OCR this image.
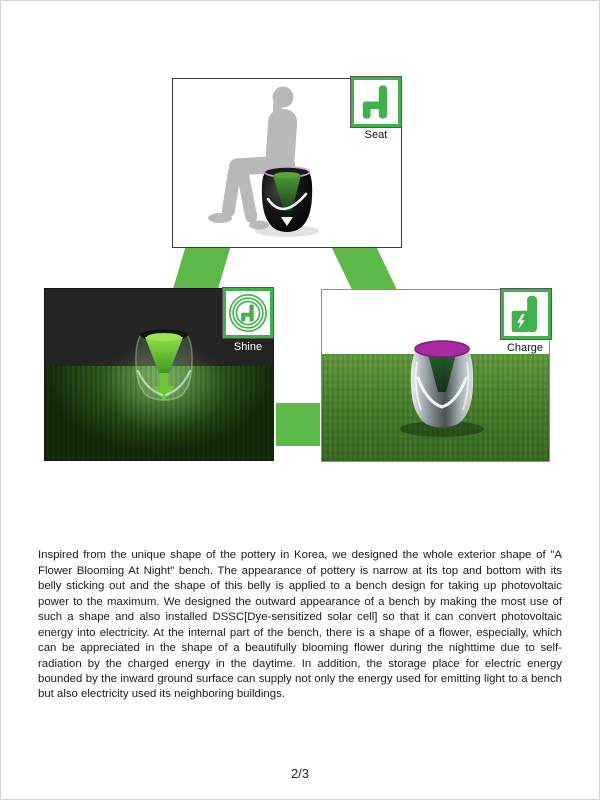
Seat
Shine	Charge

Inspired from the unique shape of the pottery in Korea, we designed the whole exterior shape of "A Flower Blooming At Night" bench. The appearance of pottery is narrow at its top and bottom with its belly sticking out and the shape of this belly is applied to a bench design for taking up photovoltaic power to the maximum. We designed the outward appearance of a bench by making the most use of such a shape and also installed DSSC[Dye-sensitized solar cell] so that it can convert photovoltaic energy into electricity. At the internal part of the bench, there is a shape of a flower, especially, which can be appreciated in the shape of a beautifully blooming flower during the nighttime due to self-radiation by the charged energy in the daytime. In addition, the storage place for electric energy bounded by the inward ground surface can supply not only the energy used for emitting light to a bench but also electricity used its neighboring buildings.

2/3
